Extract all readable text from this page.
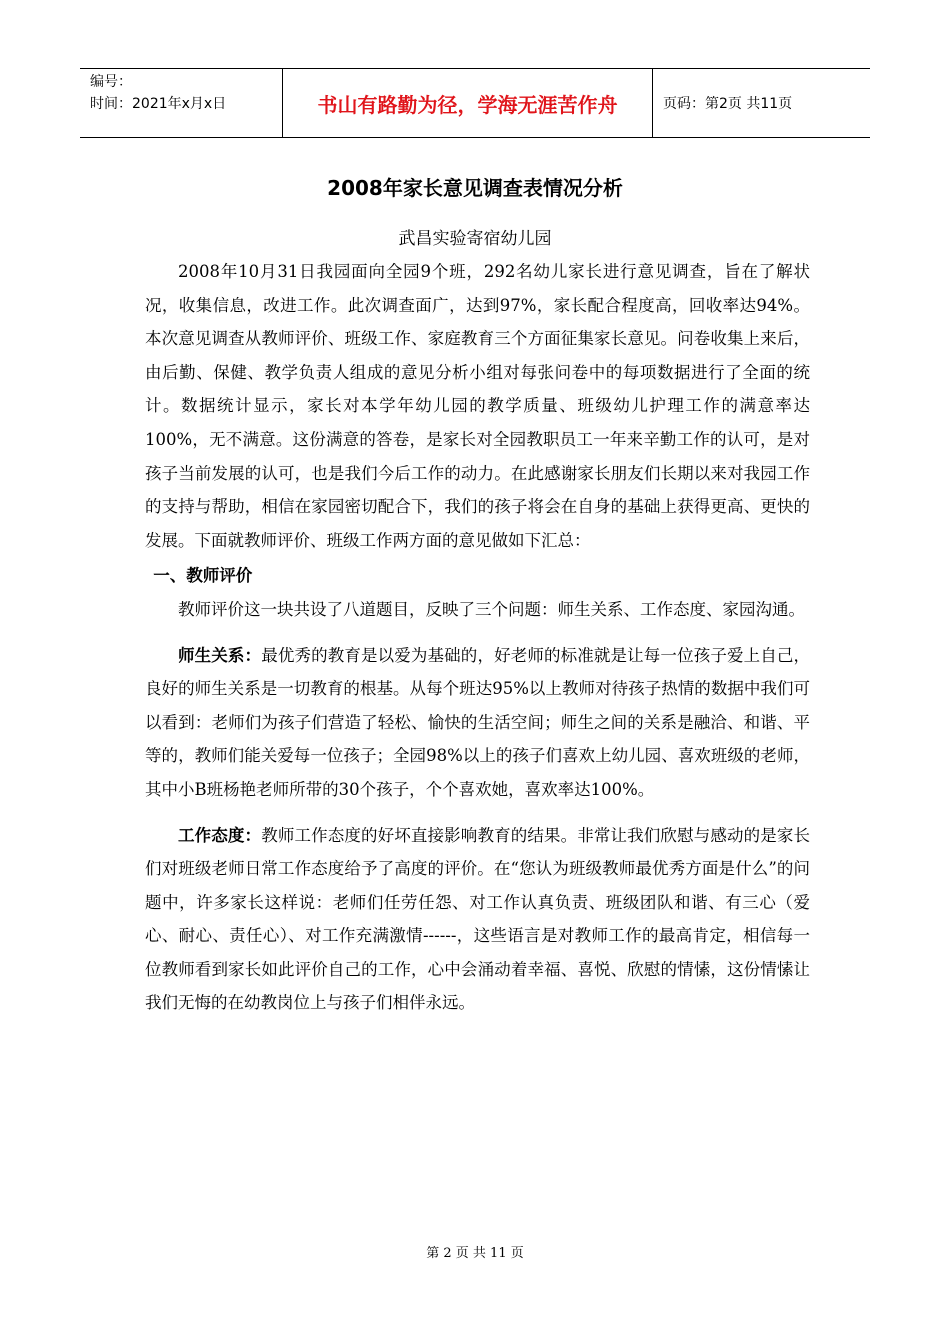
编号：
时间：2021年x月x日	书山有路勤为径，学海无涯苦作舟	页码：第2页 共11页
2008年家长意见调查表情况分析
武昌实验寄宿幼儿园

2008年10月31日我园面向全园9个班，292名幼儿家长进行意见调查，旨在了解状况，收集信息，改进工作。此次调查面广，达到97%，家长配合程度高，回收率达94%。本次意见调查从教师评价、班级工作、家庭教育三个方面征集家长意见。问卷收集上来后，由后勤、保健、教学负责人组成的意见分析小组对每张问卷中的每项数据进行了全面的统计。数据统计显示，家长对本学年幼儿园的教学质量、班级幼儿护理工作的满意率达100%，无不满意。这份满意的答卷，是家长对全园教职员工一年来辛勤工作的认可，是对孩子当前发展的认可，也是我们今后工作的动力。在此感谢家长朋友们长期以来对我园工作的支持与帮助，相信在家园密切配合下，我们的孩子将会在自身的基础上获得更高、更快的发展。下面就教师评价、班级工作两方面的意见做如下汇总：

一、教师评价

教师评价这一块共设了八道题目，反映了三个问题：师生关系、工作态度、家园沟通。

师生关系：最优秀的教育是以爱为基础的，好老师的标准就是让每一位孩子爱上自己，良好的师生关系是一切教育的根基。从每个班达95%以上教师对待孩子热情的数据中我们可以看到：老师们为孩子们营造了轻松、愉快的生活空间；师生之间的关系是融洽、和谐、平等的，教师们能关爱每一位孩子；全园98%以上的孩子们喜欢上幼儿园、喜欢班级的老师，其中小B班杨艳老师所带的30个孩子，个个喜欢她，喜欢率达100%。

工作态度：教师工作态度的好坏直接影响教育的结果。非常让我们欣慰与感动的是家长们对班级老师日常工作态度给予了高度的评价。在“您认为班级教师最优秀方面是什么”的问题中，许多家长这样说：老师们任劳任怨、对工作认真负责、班级团队和谐、有三心（爱心、耐心、责任心）、对工作充满激情------，这些语言是对教师工作的最高肯定，相信每一位教师看到家长如此评价自己的工作，心中会涌动着幸福、喜悦、欣慰的情愫，这份情愫让我们无悔的在幼教岗位上与孩子们相伴永远。

第 2 页 共 11 页
